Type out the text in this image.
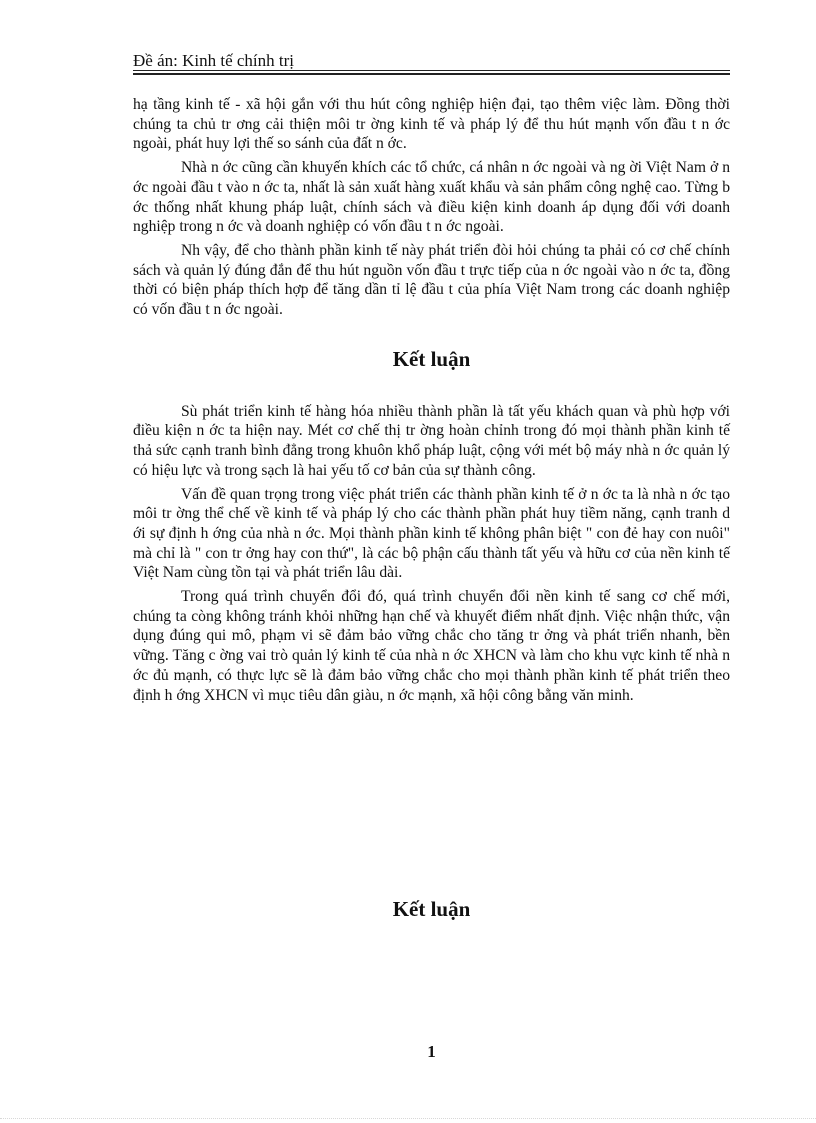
Đề án: Kinh tế chính trị

hạ tầng kinh tế - xã hội gắn với thu hút công nghiệp hiện đại, tạo thêm việc làm. Đồng thời chúng ta chủ tr ơng cải thiện môi tr ờng kinh tế và pháp lý để thu hút mạnh vốn đầu t n ớc ngoài, phát huy lợi thế so sánh của đất n ớc.

Nhà n ớc cũng cần khuyến khích các tổ chức, cá nhân n ớc ngoài và ng ời Việt Nam ở n ớc ngoài đầu t vào n ớc ta, nhất là sản xuất hàng xuất khẩu và sản phẩm công nghệ cao. Từng b ớc thống nhất khung pháp luật, chính sách và điều kiện kinh doanh áp dụng đối với doanh nghiệp trong n ớc và doanh nghiệp có vốn đầu t n ớc ngoài.

Nh vậy, để cho thành phần kinh tế này phát triển đòi hỏi chúng ta phải có cơ chế chính sách và quản lý đúng đắn để thu hút nguồn vốn đầu t trực tiếp của n ớc ngoài vào n ớc ta, đồng thời có biện pháp thích hợp để tăng dần tỉ lệ đầu t của phía Việt Nam trong các doanh nghiệp có vốn đầu t n ớc ngoài.

Kết luận

Sù phát triển kinh tế hàng hóa nhiều thành phần là tất yếu khách quan và phù hợp với điều kiện n ớc ta hiện nay. Mét cơ chế thị tr ờng hoàn chỉnh trong đó mọi thành phần kinh tế thả sức cạnh tranh bình đẳng trong khuôn khổ pháp luật, cộng với mét bộ máy nhà n ớc quản lý có hiệu lực và trong sạch là hai yếu tố cơ bản của sự thành công.

Vấn đề quan trọng trong việc phát triển các thành phần kinh tế ở n ớc ta là nhà n ớc tạo môi tr ờng thể chế về kinh tế và pháp lý cho các thành phần phát huy tiềm năng, cạnh tranh d ới sự định h ớng của nhà n ớc. Mọi thành phần kinh tế không phân biệt " con đẻ hay con nuôi" mà chỉ là " con tr ởng hay con thứ", là các bộ phận cấu thành tất yếu và hữu cơ của nền kinh tế Việt Nam cùng tồn tại và phát triển lâu dài.

Trong quá trình chuyển đổi đó, quá trình chuyển đổi nền kinh tế sang cơ chế mới, chúng ta còng không tránh khỏi những hạn chế và khuyết điểm nhất định. Việc nhận thức, vận dụng đúng qui mô, phạm vi sẽ đảm bảo vững chắc cho tăng tr ởng và phát triển nhanh, bền vững. Tăng c ờng vai trò quản lý kinh tế của nhà n ớc XHCN và làm cho khu vực kinh tế nhà n ớc đủ mạnh, có thực lực sẽ là đảm bảo vững chắc cho mọi thành phần kinh tế phát triển theo định h ớng XHCN vì mục tiêu dân giàu, n ớc mạnh, xã hội công bằng văn minh.

Kết luận
1
